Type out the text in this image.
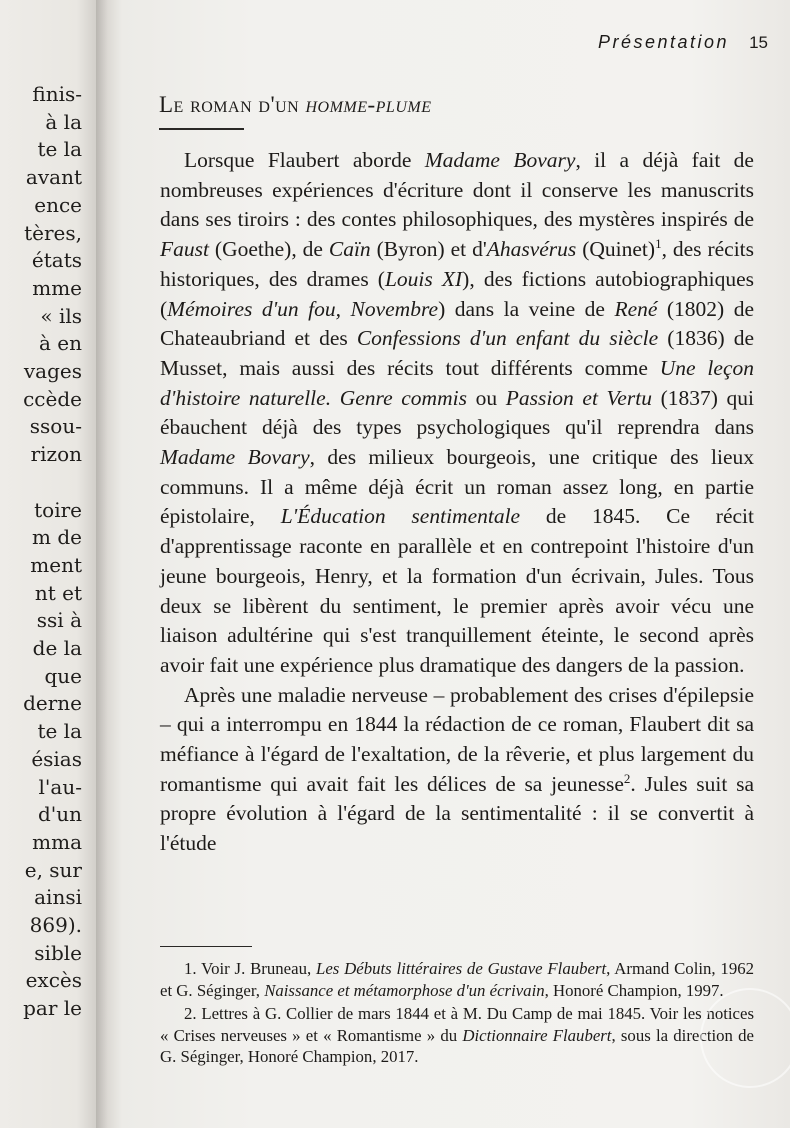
finis-
à la
te la
avant
ence
tères,
états
mme
« ils
à en
vages
ccède
ssou-
rizon
toire
m de
ment
nt et
ssi à
de la
que
derne
te la
ésias
l'au-
d'un
mma
e, sur
ainsi
869).
sible
excès
par le
Présentation 15
Le roman d'un homme-plume

Lorsque Flaubert aborde Madame Bovary, il a déjà fait de nombreuses expériences d'écriture dont il conserve les manuscrits dans ses tiroirs : des contes philosophiques, des mystères inspirés de Faust (Goethe), de Caïn (Byron) et d'Ahasvérus (Quinet)$^1$, des récits historiques, des drames (Louis XI), des fictions autobiographiques (Mémoires d'un fou, Novembre) dans la veine de René (1802) de Chateaubriand et des Confessions d'un enfant du siècle (1836) de Musset, mais aussi des récits tout différents comme Une leçon d'histoire naturelle. Genre commis ou Passion et Vertu (1837) qui ébauchent déjà des types psychologiques qu'il reprendra dans Madame Bovary, des milieux bourgeois, une critique des lieux communs. Il a même déjà écrit un roman assez long, en partie épistolaire, L'Éducation sentimentale de 1845. Ce récit d'apprentissage raconte en parallèle et en contrepoint l'histoire d'un jeune bourgeois, Henry, et la formation d'un écrivain, Jules. Tous deux se libèrent du sentiment, le premier après avoir vécu une liaison adultérine qui s'est tranquillement éteinte, le second après avoir fait une expérience plus dramatique des dangers de la passion.

Après une maladie nerveuse – probablement des crises d'épilepsie – qui a interrompu en 1844 la rédaction de ce roman, Flaubert dit sa méfiance à l'égard de l'exaltation, de la rêverie, et plus largement du romantisme qui avait fait les délices de sa jeunesse$^2$. Jules suit sa propre évolution à l'égard de la sentimentalité : il se convertit à l'étude

1. Voir J. Bruneau, Les Débuts littéraires de Gustave Flaubert, Armand Colin, 1962 et G. Séginger, Naissance et métamorphose d'un écrivain, Honoré Champion, 1997.

2. Lettres à G. Collier de mars 1844 et à M. Du Camp de mai 1845. Voir les notices « Crises nerveuses » et « Romantisme » du Dictionnaire Flaubert, sous la direction de G. Séginger, Honoré Champion, 2017.
